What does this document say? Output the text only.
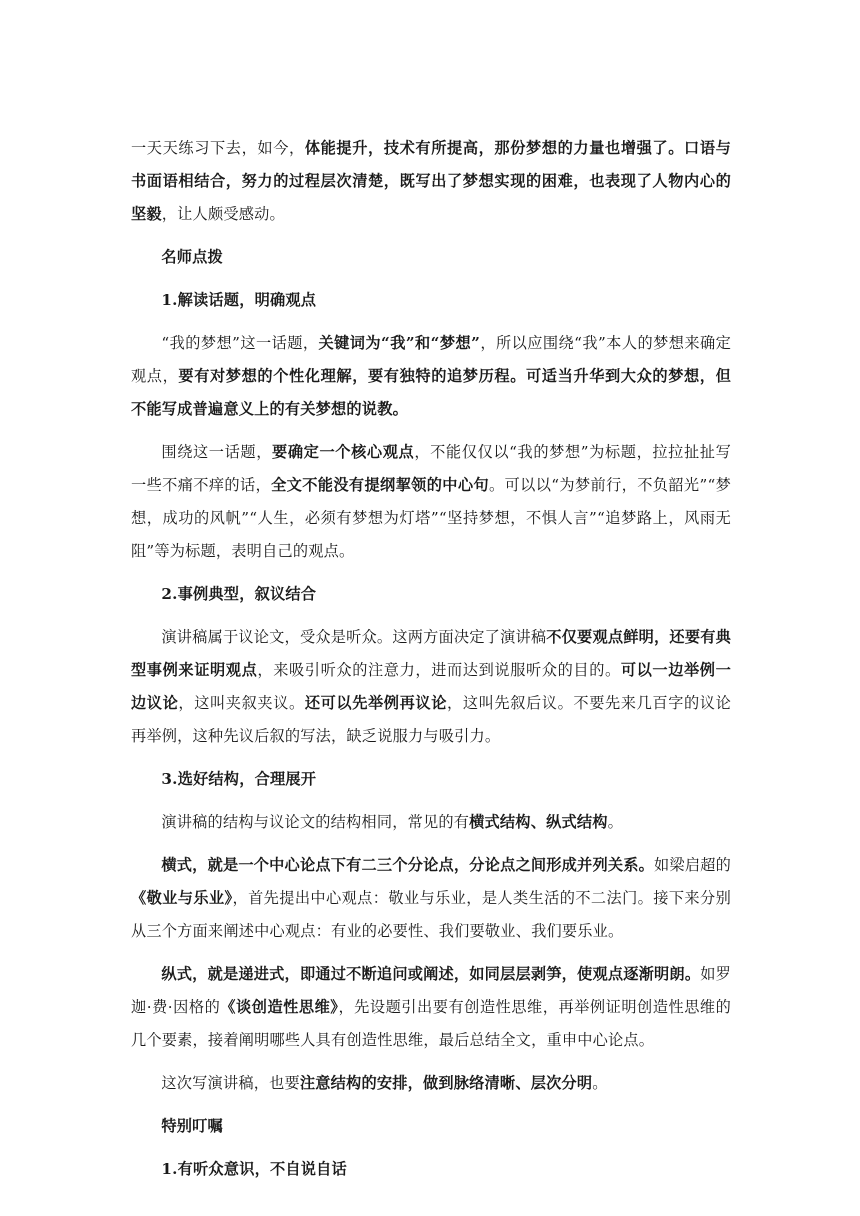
一天天练习下去，如今，体能提升，技术有所提高，那份梦想的力量也增强了。口语与书面语相结合，努力的过程层次清楚，既写出了梦想实现的困难，也表现了人物内心的坚毅，让人颇受感动。

名师点拨

1.解读话题，明确观点

“我的梦想”这一话题，关键词为“我”和“梦想”，所以应围绕“我”本人的梦想来确定观点，要有对梦想的个性化理解，要有独特的追梦历程。可适当升华到大众的梦想，但不能写成普遍意义上的有关梦想的说教。

围绕这一话题，要确定一个核心观点，不能仅仅以“我的梦想”为标题，拉拉扯扯写一些不痛不痒的话，全文不能没有提纲挈领的中心句。可以以“为梦前行，不负韶光”“梦想，成功的风帆”“人生，必须有梦想为灯塔”“坚持梦想，不惧人言”“追梦路上，风雨无阻”等为标题，表明自己的观点。

2.事例典型，叙议结合

演讲稿属于议论文，受众是听众。这两方面决定了演讲稿不仅要观点鲜明，还要有典型事例来证明观点，来吸引听众的注意力，进而达到说服听众的目的。可以一边举例一边议论，这叫夹叙夹议。还可以先举例再议论，这叫先叙后议。不要先来几百字的议论再举例，这种先议后叙的写法，缺乏说服力与吸引力。

3.选好结构，合理展开

演讲稿的结构与议论文的结构相同，常见的有横式结构、纵式结构。

横式，就是一个中心论点下有二三个分论点，分论点之间形成并列关系。如梁启超的《敬业与乐业》，首先提出中心观点：敬业与乐业，是人类生活的不二法门。接下来分别从三个方面来阐述中心观点：有业的必要性、我们要敬业、我们要乐业。

纵式，就是递进式，即通过不断追问或阐述，如同层层剥笋，使观点逐渐明朗。如罗迦·费·因格的《谈创造性思维》，先设题引出要有创造性思维，再举例证明创造性思维的几个要素，接着阐明哪些人具有创造性思维，最后总结全文，重申中心论点。

这次写演讲稿，也要注意结构的安排，做到脉络清晰、层次分明。

特别叮嘱

1.有听众意识，不自说自话
